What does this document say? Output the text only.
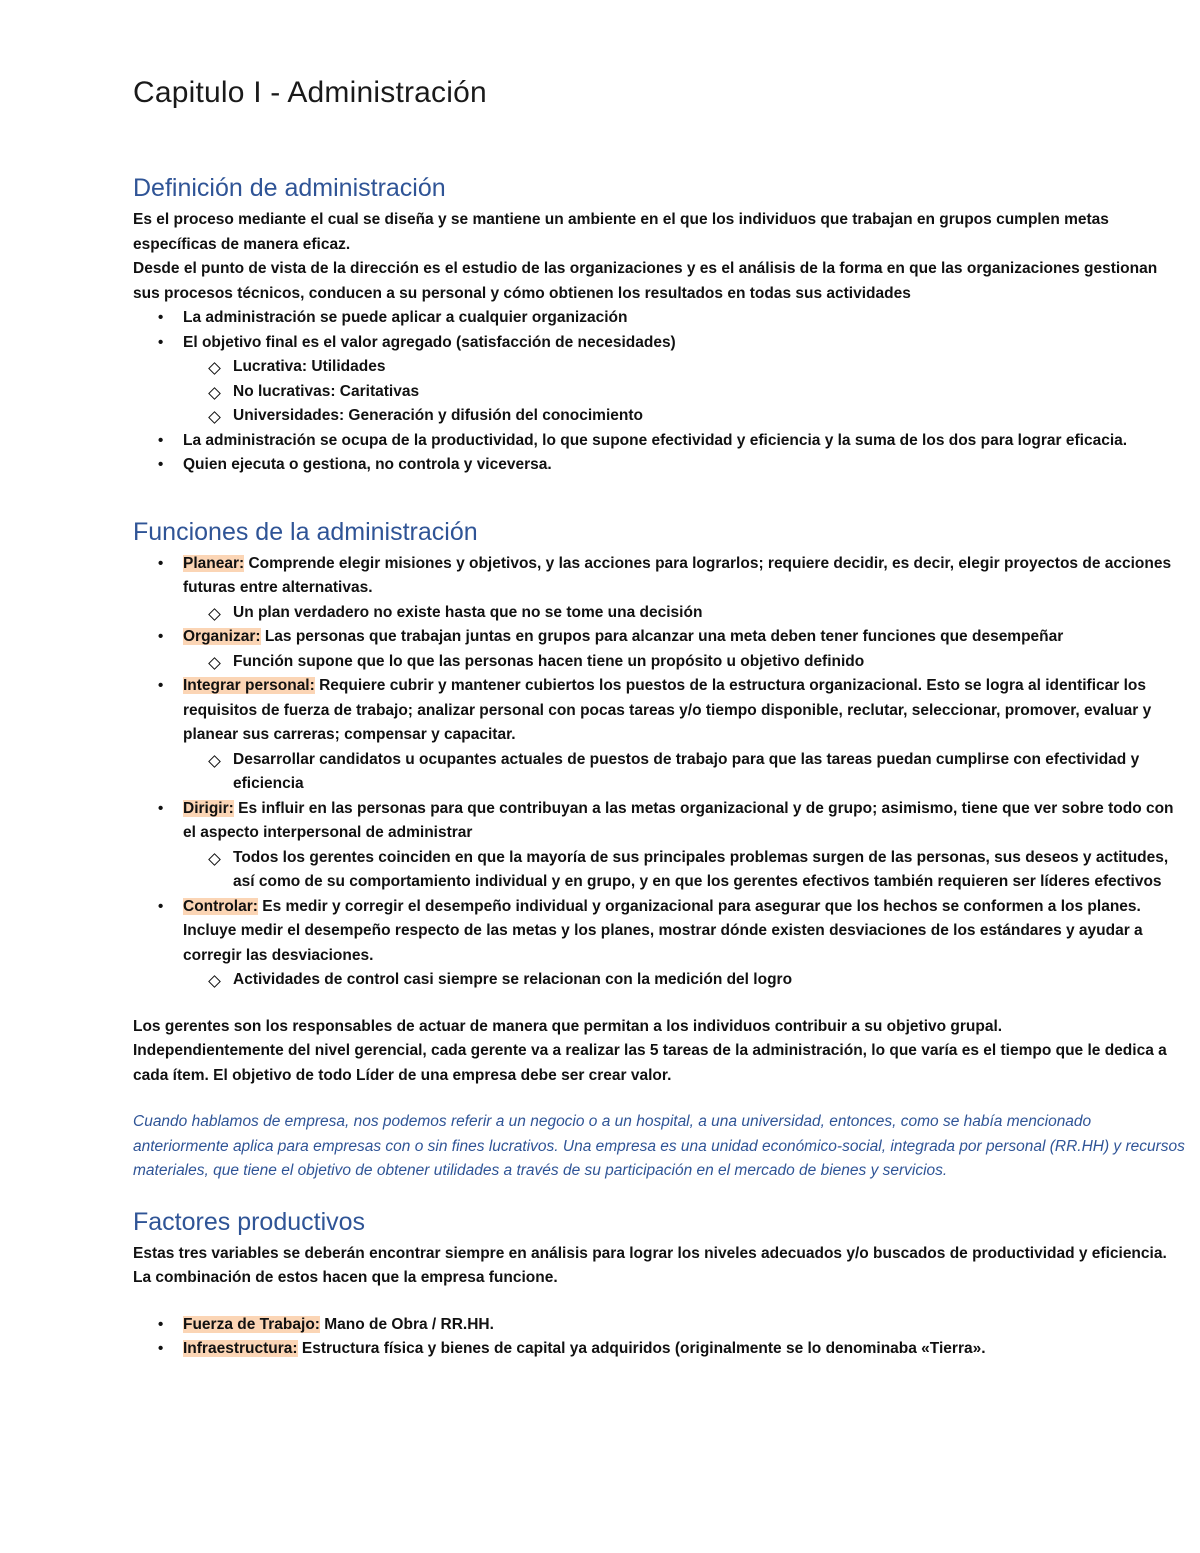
Capitulo I - Administración
Definición de administración

Es el proceso mediante el cual se diseña y se mantiene un ambiente en el que los individuos que trabajan en grupos cumplen metas específicas de manera eficaz.

Desde el punto de vista de la dirección es el estudio de las organizaciones y es el análisis de la forma en que las organizaciones gestionan sus procesos técnicos, conducen a su personal y cómo obtienen los resultados en todas sus actividades

• La administración se puede aplicar a cualquier organización
• El objetivo final es el valor agregado (satisfacción de necesidades)
Lucrativa: Utilidades
No lucrativas: Caritativas
Universidades: Generación y difusión del conocimiento
• La administración se ocupa de la productividad, lo que supone efectividad y eficiencia y la suma de los dos para lograr eficacia.
• Quien ejecuta o gestiona, no controla y viceversa.
Funciones de la administración
• Planear: Comprende elegir misiones y objetivos, y las acciones para lograrlos; requiere decidir, es decir, elegir proyectos de acciones futuras entre alternativas.
Un plan verdadero no existe hasta que no se tome una decisión
• Organizar: Las personas que trabajan juntas en grupos para alcanzar una meta deben tener funciones que desempeñar
Función supone que lo que las personas hacen tiene un propósito u objetivo definido
• Integrar personal: Requiere cubrir y mantener cubiertos los puestos de la estructura organizacional. Esto se logra al identificar los requisitos de fuerza de trabajo; analizar personal con pocas tareas y/o tiempo disponible, reclutar, seleccionar, promover, evaluar y planear sus carreras; compensar y capacitar.
Desarrollar candidatos u ocupantes actuales de puestos de trabajo para que las tareas puedan cumplirse con efectividad y eficiencia
• Dirigir: Es influir en las personas para que contribuyan a las metas organizacional y de grupo; asimismo, tiene que ver sobre todo con el aspecto interpersonal de administrar
Todos los gerentes coinciden en que la mayoría de sus principales problemas surgen de las personas, sus deseos y actitudes, así como de su comportamiento individual y en grupo, y en que los gerentes efectivos también requieren ser líderes efectivos
• Controlar: Es medir y corregir el desempeño individual y organizacional para asegurar que los hechos se conformen a los planes. Incluye medir el desempeño respecto de las metas y los planes, mostrar dónde existen desviaciones de los estándares y ayudar a corregir las desviaciones.
Actividades de control casi siempre se relacionan con la medición del logro

Los gerentes son los responsables de actuar de manera que permitan a los individuos contribuir a su objetivo grupal.

Independientemente del nivel gerencial, cada gerente va a realizar las 5 tareas de la administración, lo que varía es el tiempo que le dedica a cada ítem. El objetivo de todo Líder de una empresa debe ser crear valor.

Cuando hablamos de empresa, nos podemos referir a un negocio o a un hospital, a una universidad, entonces, como se había mencionado anteriormente aplica para empresas con o sin fines lucrativos. Una empresa es una unidad económico-social, integrada por personal (RR.HH) y recursos materiales, que tiene el objetivo de obtener utilidades a través de su participación en el mercado de bienes y servicios.

Factores productivos

Estas tres variables se deberán encontrar siempre en análisis para lograr los niveles adecuados y/o buscados de productividad y eficiencia. La combinación de estos hacen que la empresa funcione.

• Fuerza de Trabajo: Mano de Obra / RR.HH.
• Infraestructura: Estructura física y bienes de capital ya adquiridos (originalmente se lo denominaba «Tierra».
